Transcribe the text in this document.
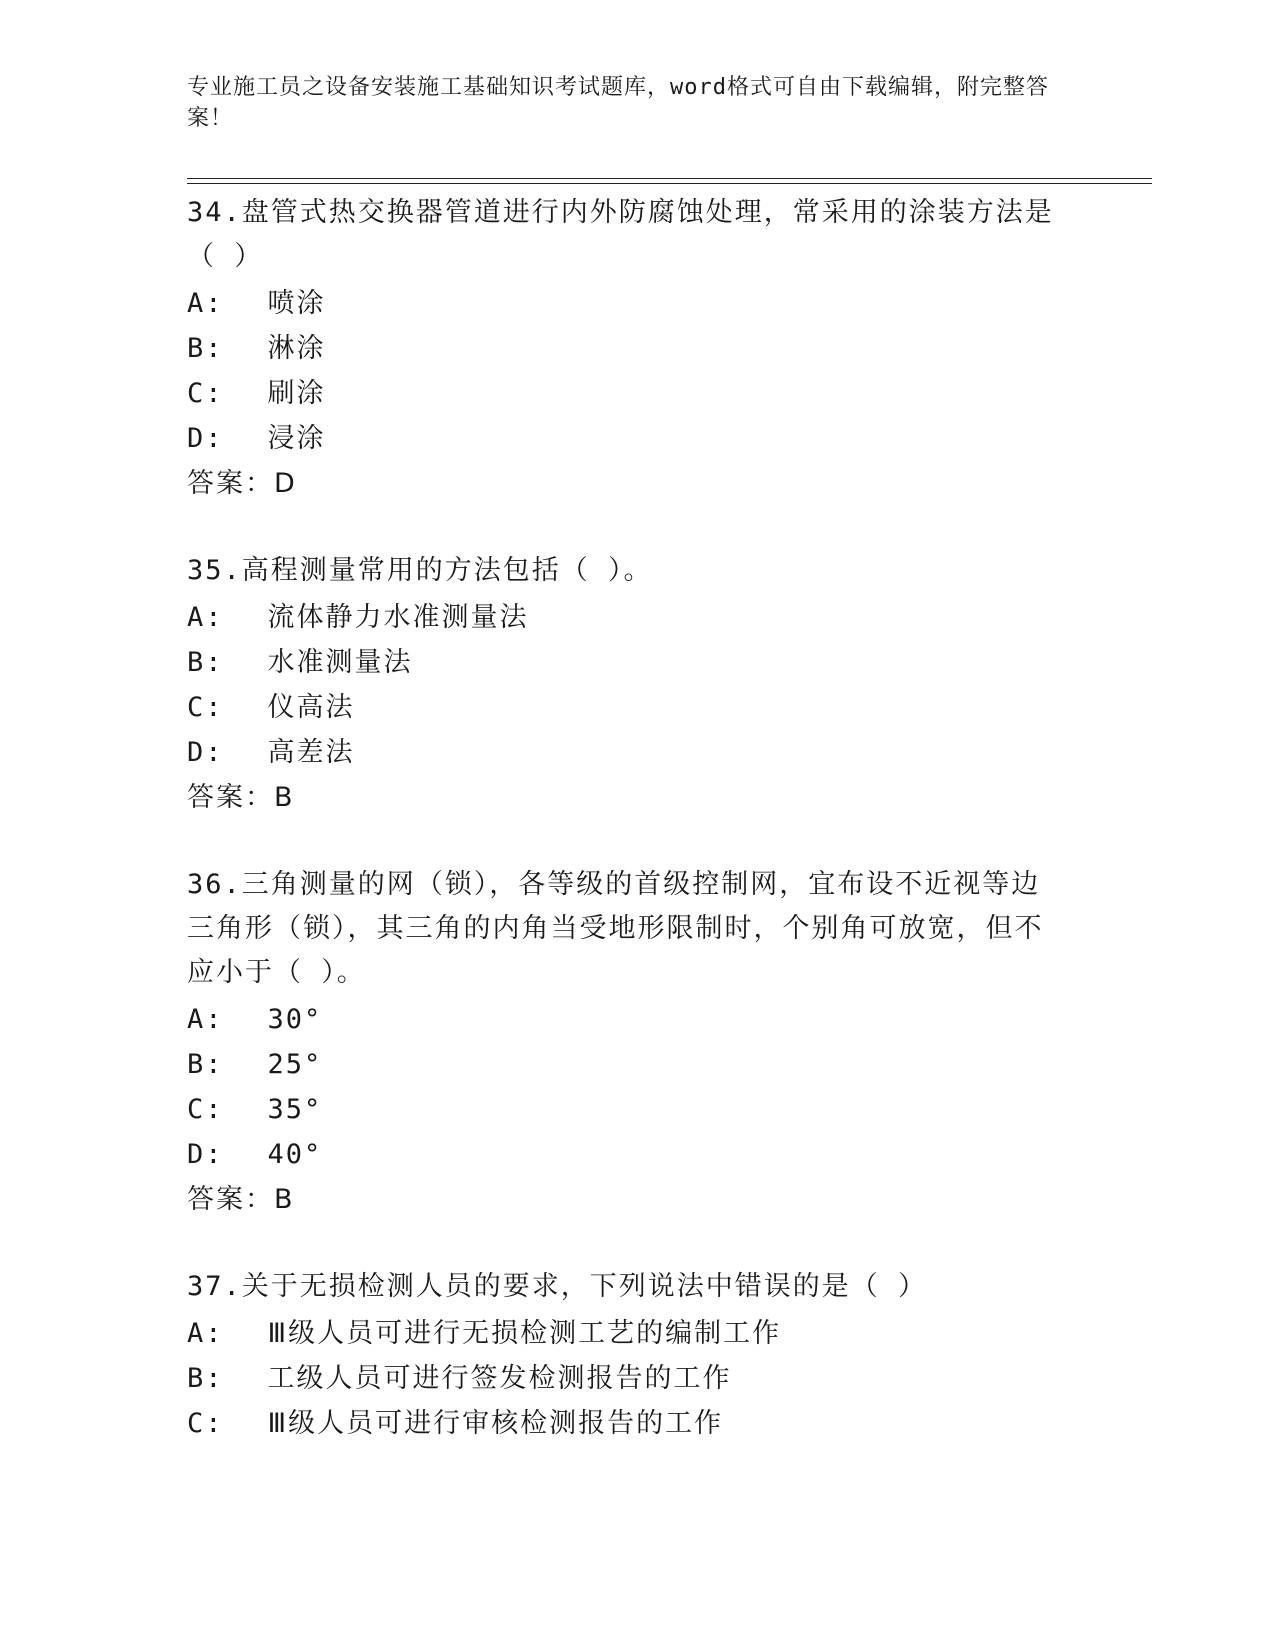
专业施工员之设备安装施工基础知识考试题库，word格式可自由下载编辑，附完整答案！
34.盘管式热交换器管道进行内外防腐蚀处理，常采用的涂装方法是（ ）
A: 喷涂
B: 淋涂
C: 刷涂
D: 浸涂
答案：D
35.高程测量常用的方法包括（ ）。
A: 流体静力水准测量法
B: 水准测量法
C: 仪高法
D: 高差法
答案：B
36.三角测量的网（锁），各等级的首级控制网，宜布设不近视等边三角形（锁），其三角的内角当受地形限制时，个别角可放宽，但不应小于（ ）。
A: 30°
B: 25°
C: 35°
D: 40°
答案：B
37.关于无损检测人员的要求，下列说法中错误的是（ ）
A: Ⅲ级人员可进行无损检测工艺的编制工作
B: 工级人员可进行签发检测报告的工作
C: Ⅲ级人员可进行审核检测报告的工作
